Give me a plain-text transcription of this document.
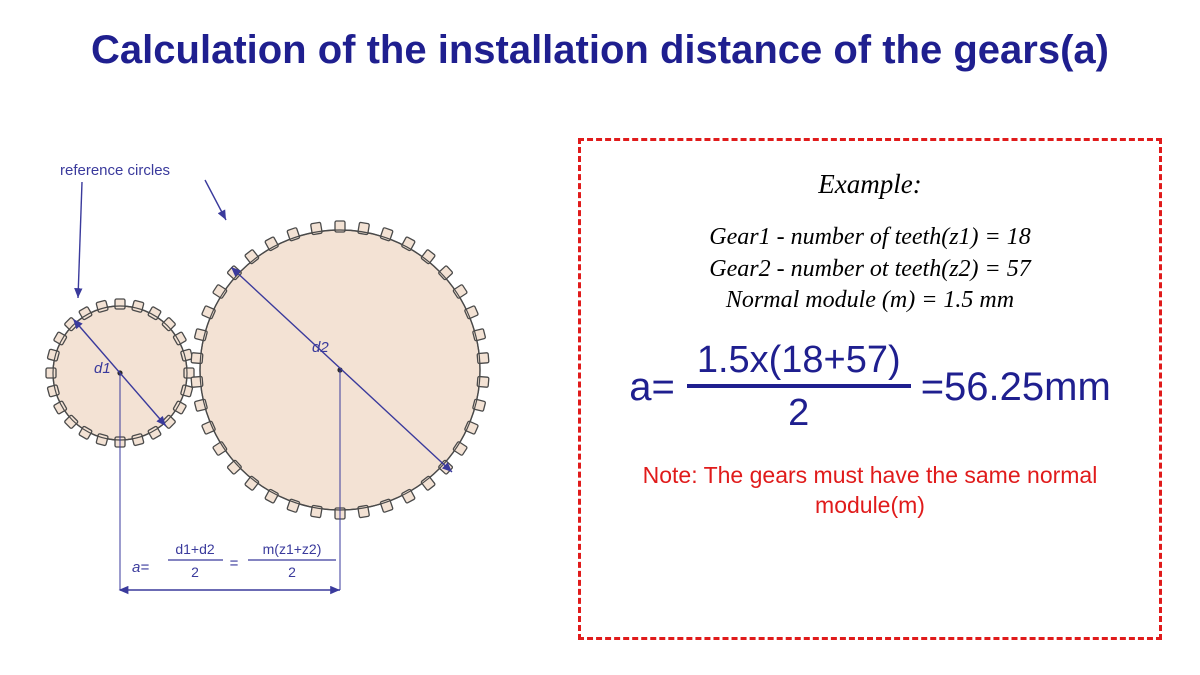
Calculation of the installation distance of the gears(a)
reference circles
d1
d2
a=
d1+d2
2 =
m(z1+z2)
2
Example:
Gear1 - number of teeth(z1) = 18
Gear2 - number ot teeth(z2) = 57
Normal module (m) = 1.5 mm
$a= \frac{1.5x(18+57)}{2} =56.25mm$
Note: The gears must have the same normal module(m)
